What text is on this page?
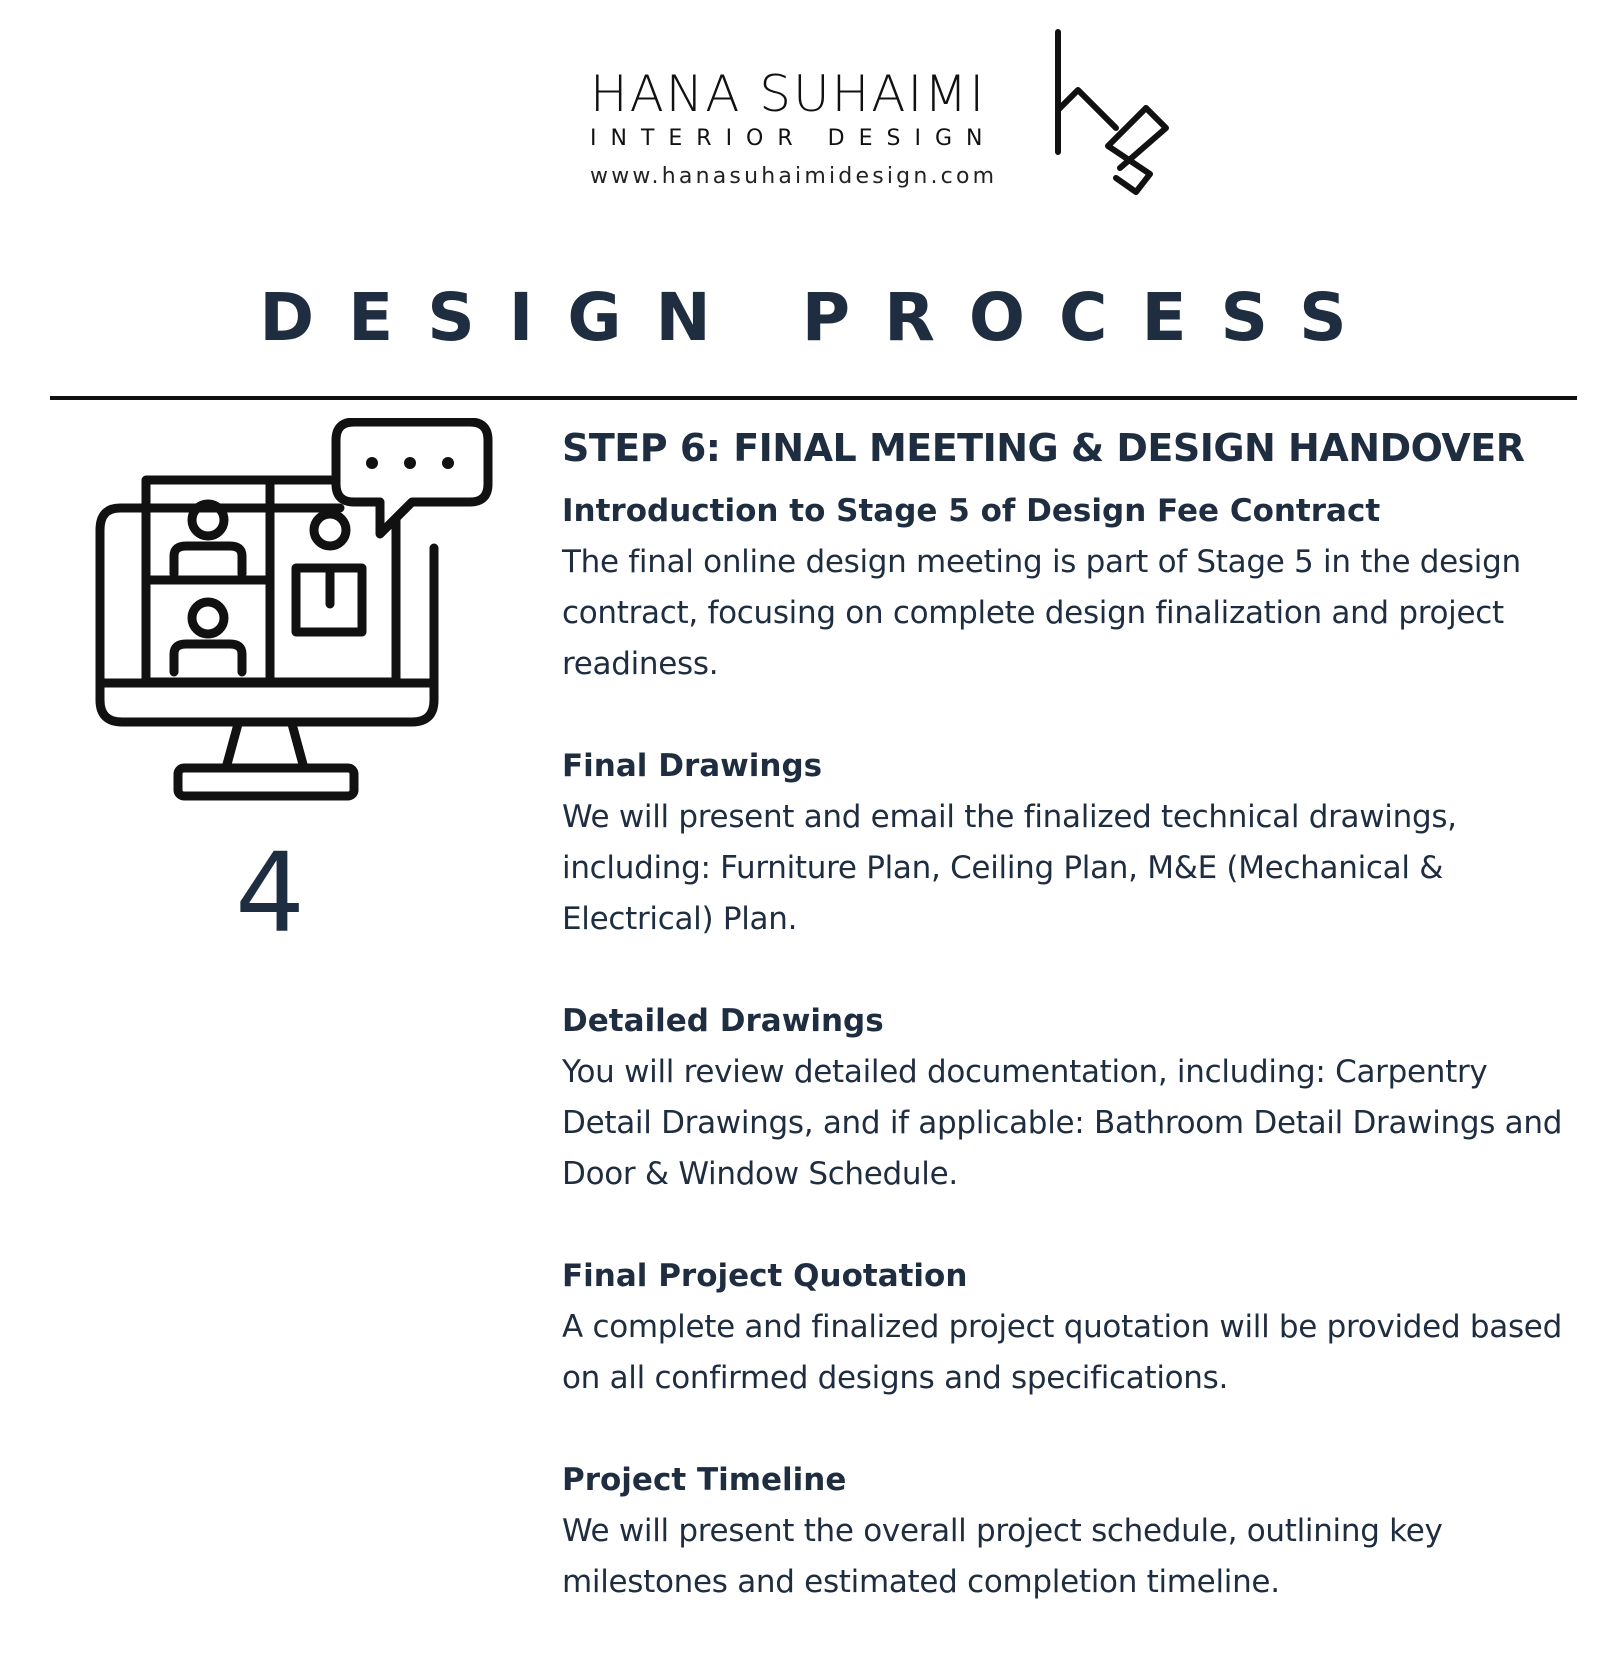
HANA SUHAIMI
INTERIOR DESIGN
www.hanasuhaimidesign.com
DESIGN PROCESS
4
STEP 6: FINAL MEETING & DESIGN HANDOVER

Introduction to Stage 5 of Design Fee Contract

The final online design meeting is part of Stage 5 in the design contract, focusing on complete design finalization and project readiness.

Final Drawings

We will present and email the finalized technical drawings, including: Furniture Plan, Ceiling Plan, M&E (Mechanical & Electrical) Plan.

Detailed Drawings

You will review detailed documentation, including: Carpentry Detail Drawings, and if applicable: Bathroom Detail Drawings and Door & Window Schedule.

Final Project Quotation

A complete and finalized project quotation will be provided based on all confirmed designs and specifications.

Project Timeline

We will present the overall project schedule, outlining key milestones and estimated completion timeline.
